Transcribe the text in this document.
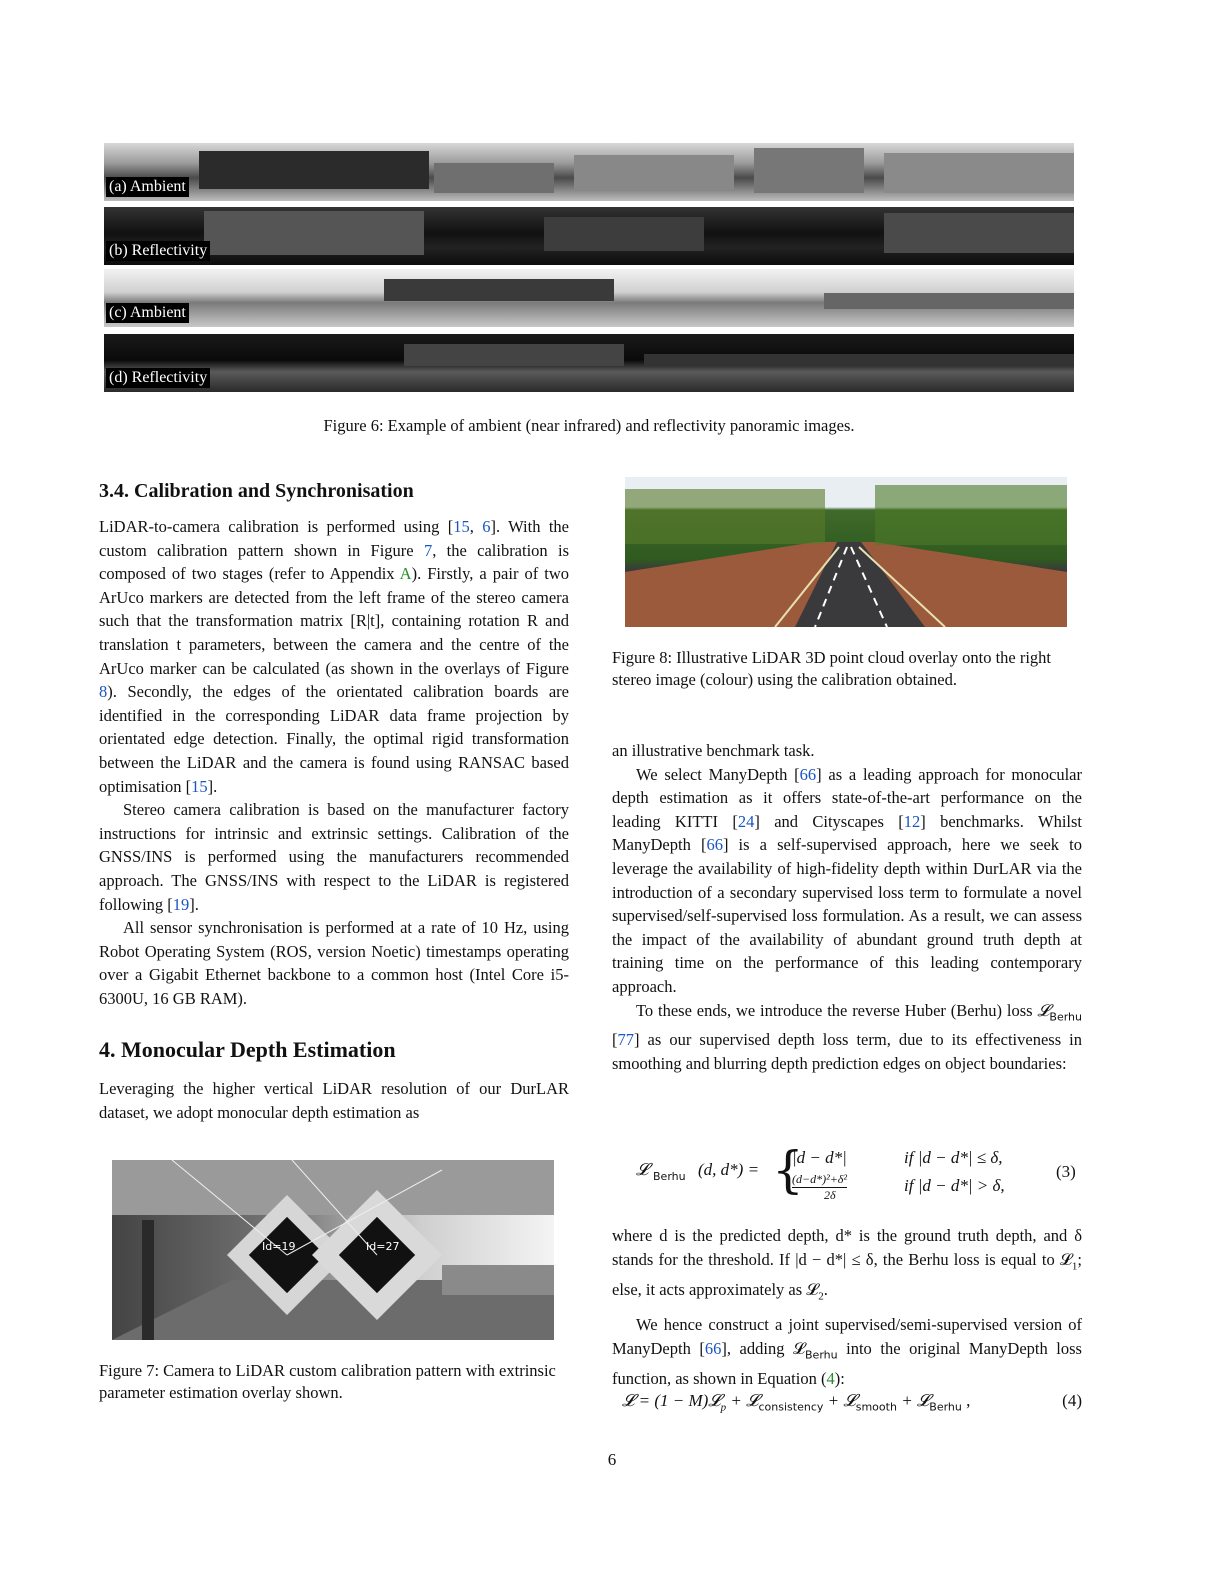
(a) Ambient
(b) Reflectivity
(c) Ambient
(d) Reflectivity
Figure 6: Example of ambient (near infrared) and reflectivity panoramic images.
3.4. Calibration and Synchronisation

LiDAR-to-camera calibration is performed using [15, 6]. With the custom calibration pattern shown in Figure 7, the calibration is composed of two stages (refer to Appendix A). Firstly, a pair of two ArUco markers are detected from the left frame of the stereo camera such that the transformation matrix [R|t], containing rotation R and translation t parameters, between the camera and the centre of the ArUco marker can be calculated (as shown in the overlays of Figure 8). Secondly, the edges of the orientated calibration boards are identified in the corresponding LiDAR data frame projection by orientated edge detection. Finally, the optimal rigid transformation between the LiDAR and the camera is found using RANSAC based optimisation [15].

Stereo camera calibration is based on the manufacturer factory instructions for intrinsic and extrinsic settings. Calibration of the GNSS/INS is performed using the manufacturers recommended approach. The GNSS/INS with respect to the LiDAR is registered following [19].

All sensor synchronisation is performed at a rate of 10 Hz, using Robot Operating System (ROS, version Noetic) timestamps operating over a Gigabit Ethernet backbone to a common host (Intel Core i5-6300U, 16 GB RAM).

4. Monocular Depth Estimation
Leveraging the higher vertical LiDAR resolution of our DurLAR dataset, we adopt monocular depth estimation as
Id=19	Id=27
Figure 7: Camera to LiDAR custom calibration pattern with extrinsic parameter estimation overlay shown.
Figure 8: Illustrative LiDAR 3D point cloud overlay onto the right stereo image (colour) using the calibration obtained.

an illustrative benchmark task.

We select ManyDepth [66] as a leading approach for monocular depth estimation as it offers state-of-the-art performance on the leading KITTI [24] and Cityscapes [12] benchmarks. Whilst ManyDepth [66] is a self-supervised approach, here we seek to leverage the availability of high-fidelity depth within DurLAR via the introduction of a secondary supervised loss term to formulate a novel supervised/self-supervised loss formulation. As a result, we can assess the impact of the availability of abundant ground truth depth at training time on the performance of this leading contemporary approach.

To these ends, we introduce the reverse Huber (Berhu) loss 𝓛$_{Berhu}$ [77] as our supervised depth loss term, due to its effectiveness in smoothing and blurring depth prediction edges on object boundaries:

𝓛 Berhu (d, d*) = {
|d − d*|	if |d − d*| ≤ δ,
(d−d*)²+δ²
2δ	if |d − d*| > δ,
(3)

where d is the predicted depth, d* is the ground truth depth, and δ stands for the threshold. If |d − d*| ≤ δ, the Berhu loss is equal to 𝓛$_1$; else, it acts approximately as 𝓛$_2$.

We hence construct a joint supervised/semi-supervised version of ManyDepth [66], adding 𝓛$_{Berhu}$ into the original ManyDepth loss function, as shown in Equation (4):

𝓛 = (1 − M)𝓛$_p$ + 𝓛$_{consistency}$ + 𝓛$_{smooth}$ + 𝓛$_{Berhu}$ ,	(4)
6
